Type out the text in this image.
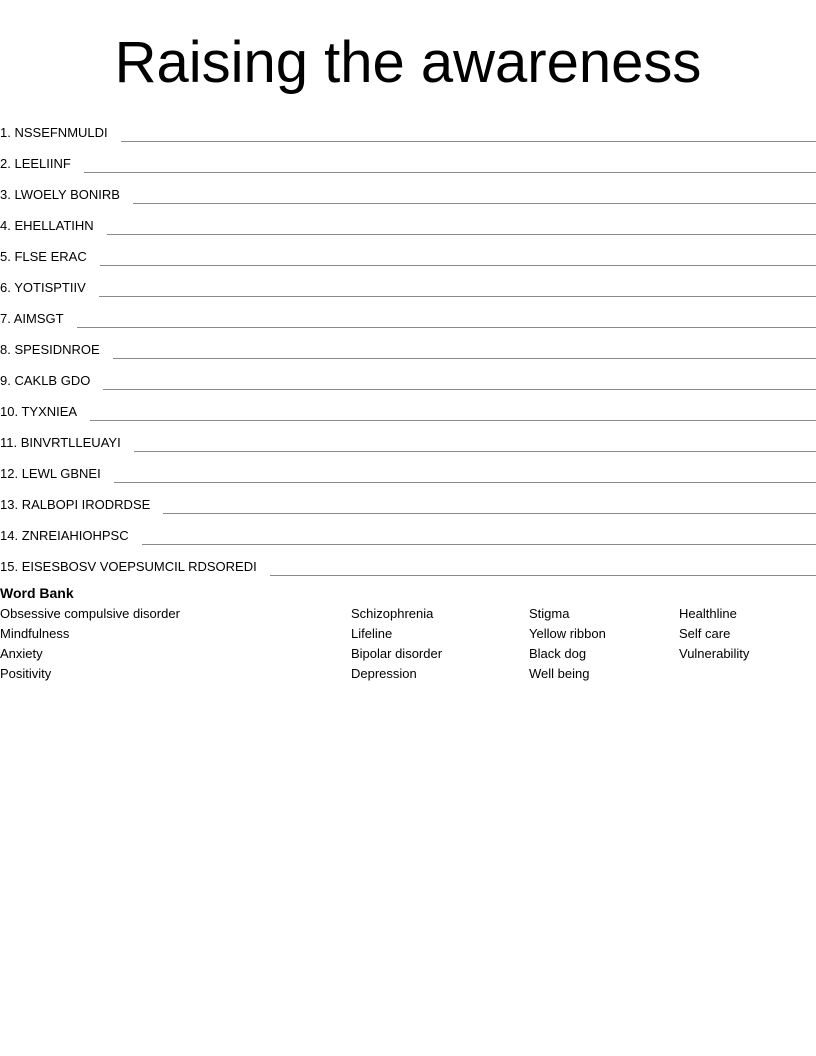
Raising the awareness
1. NSSEFNMULDI
2. LEELIINF
3. LWOELY BONIRB
4. EHELLATIHN
5. FLSE ERAC
6. YOTISPTIIV
7. AIMSGT
8. SPESIDNROE
9. CAKLB GDO
10. TYXNIEA
11. BINVRTLLEUAYI
12. LEWL GBNEI
13. RALBOPI IRODRDSE
14. ZNREIAHIOHPSC
15. EISESBOSV VOEPSUMCIL RDSOREDI
Word Bank
Obsessive compulsive disorder
Mindfulness
Anxiety
Positivity
Schizophrenia
Lifeline
Bipolar disorder
Depression
Stigma
Yellow ribbon
Black dog
Well being
Healthline
Self care
Vulnerability
